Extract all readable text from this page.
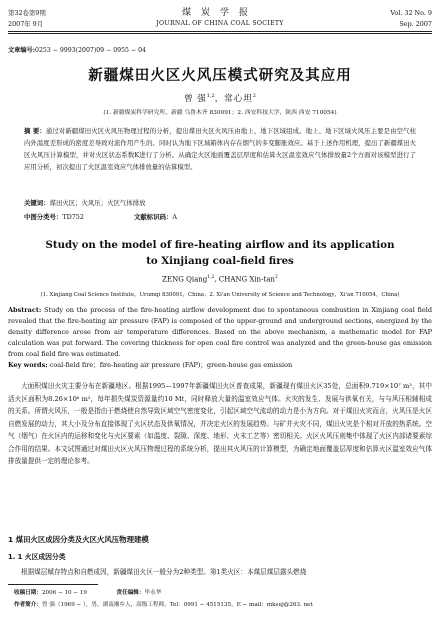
第32卷第9期	煤炭学报	Vol. 32 No. 9
2007年 9月	JOURNAL OF CHINA COAL SOCIETY	Sep. 2007
文章编号:0253 − 9993(2007)09 − 0955 − 04
新疆煤田火区火风压模式研究及其应用
曾 强$^{1,2}$，常心坦$^2$
(1. 新疆煤炭科学研究所，新疆 乌鲁木齐 830091；2. 西安科技大学，陕西 西安 710054)
摘 要：通过对新疆煤田火区火风压物理过程的分析，提出煤田火区火风压由地上、地下区域组成。地上、地下区域火风压主要是由空气柱内外温度差形成的密度差导致对流作用产生的。同时认为地下区域箱体内存在烟气的多变膨胀效应。基于上述作用机理，提出了新疆煤田火区火风压计算模型，并对火区状态系数K进行了分析。从确定火区地面覆盖层厚度和估算火区温室效应气体排放量2个方面对该模型进行了应用分析，初次提出了火区温室效应气体排放量的估算模型。
关键词：煤田火区；火风压；火区气体排放
中图分类号：TD752	文献标识码：A
Study on the model of fire-heating airflow and its application
to Xinjiang coal-field fires
ZENG Qiang$^{1,2}$, CHANG Xin-$\tan^2$
(1. Xinjiang Coal Science Institute，Urumqi 830091，China；2. Xi'an University of Science and Technology，Xi'an 710054，China)
Abstract: Study on the process of the fire-heating airflow development due to spontaneous combustion in Xinjiang coal field revealed that the fire-heating air pressure (FAP) is composed of the upper-ground and underground sections, energized by the density difference arose from air temperature differences. Based on the above mechanism, a mathematic model for FAP calculation was put forward. The covering thickness for open coal fire control was analyzed and the green-house gas emission from coal field fire was estimated.
Key words: coal-field fire；fire-heating air pressure (FAP)；green-house gas emission
大面积煤田火灾主要分布在新疆地区。根据1995—1997年新疆煤田火区普查成果，新疆现有煤田火区35处，总面积9.719×10⁷ m²，其中活火区面积为8.26×10⁶ m²，每年损失煤炭资源量约10 Mt，同时释放大量的温室效应气体。火灾的发生、发展与供氧有关，与与风压相辅相成的关系。所谓火风压，一般是指由于燃烧使自然导致区域空气密度变化，引起区域空气流动的动力是小为方向。对于煤田火灾而言，火风压是火区自燃发展的动力，其大小及分布直接体现了火区状态及供氧情况，并决定火区的发展趋势。与矿井火灾不同，煤田火灾是个相对开放的热系统。空气（烟气）在火区内的运移和变化与火区要素（如温度、裂隙、深度、地形、火末工艺等）密切相关。火区火风压则集中体现了火区内部诸要素综合作用的结果。本文试图通过对煤田火区火风压物理过程的系统分析，提出其火风压的计算模型，为确定地面覆盖层厚度和估算火区温室效应气体排放量提供一定的理论参考。
1 煤田火区成因分类及火区火风压物理建模
1. 1 火区成因分类
根据煤层赋存特点和自燃成因，新疆煤田火区一般分为2种类型。第1类火区：本煤层煤层露头燃烧
收稿日期：2006 − 10 − 19	责任编辑：毕永华
作者简介：曾 强（1969 − ），男，湖南湘乡人，高级工程师。Tel：0991 − 4515135，E − mail：mksuj@263. net
